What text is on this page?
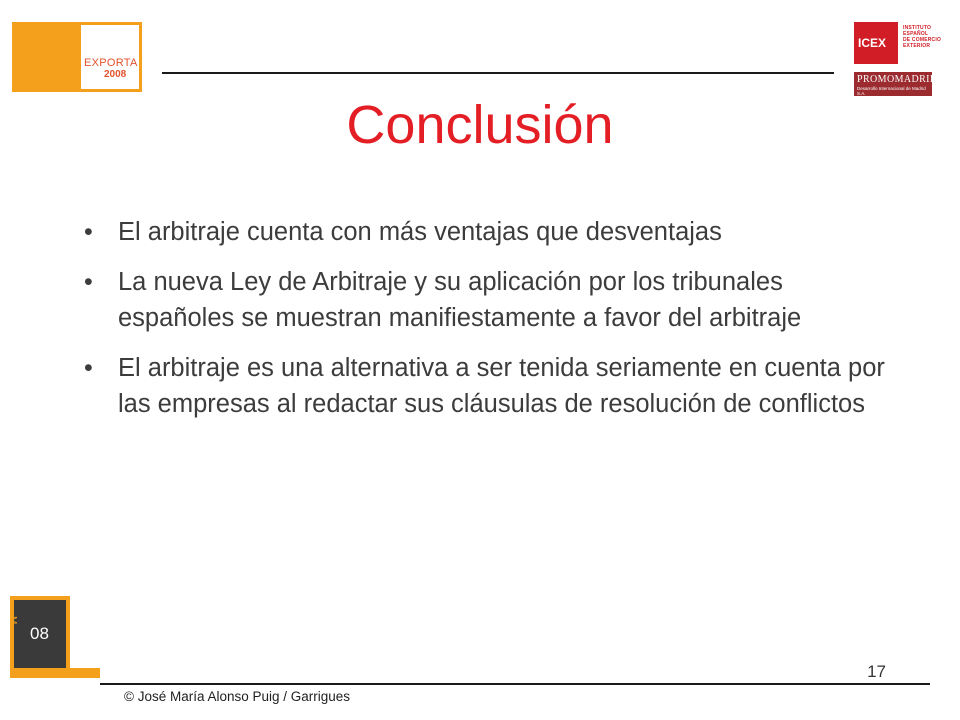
EXPORTA
2008
ICEX
INSTITUTO
ESPAÑOL
DE COMERCIO
EXTERIOR
PROMOMADRID
Desarrollo Internacional de Madrid S.A.
Conclusión
• El arbitraje cuenta con más ventajas que desventajas
• La nueva Ley de Arbitraje y su aplicación por los tribunales españoles se muestran manifiestamente a favor del arbitraje
• El arbitraje es una alternativa a ser tenida seriamente en cuenta por las empresas al redactar sus cláusulas de resolución de conflictos
M
08
17
© José María Alonso Puig / Garrigues
